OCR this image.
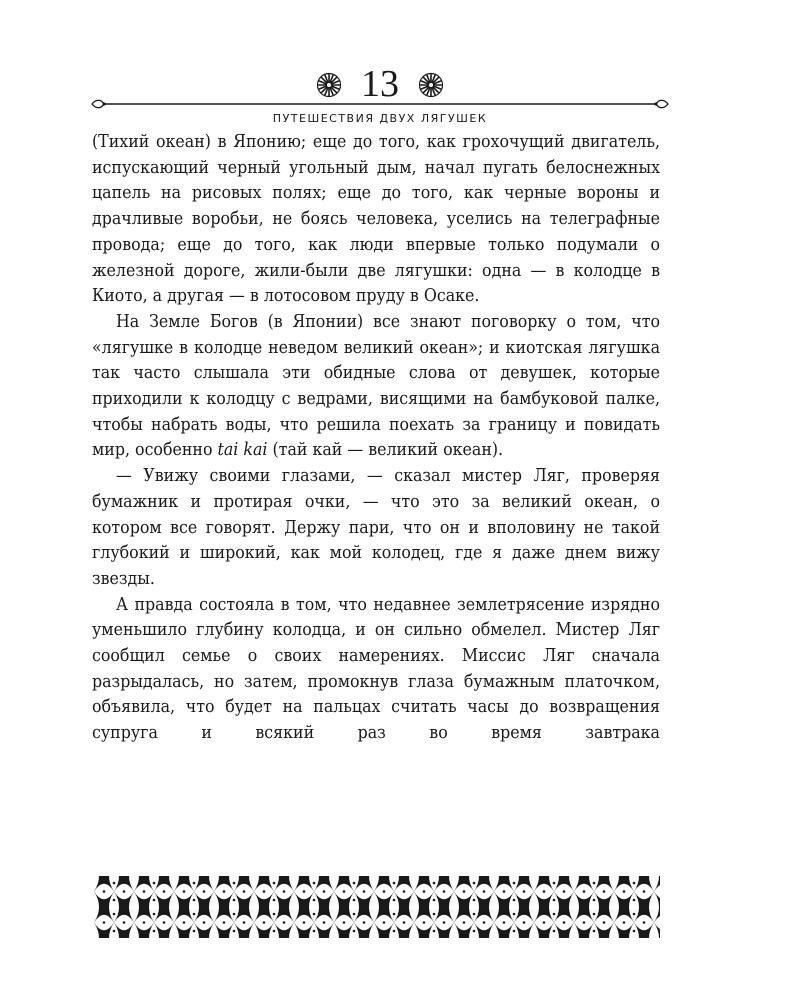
13
ПУТЕШЕСТВИЯ ДВУХ ЛЯГУШЕК

(Тихий океан) в Японию; еще до того, как грохочущий двигатель, испускающий черный угольный дым, начал пугать белоснежных цапель на рисовых полях; еще до того, как черные вороны и драчливые воробьи, не боясь человека, уселись на телеграфные провода; еще до того, как люди впервые только подумали о железной дороге, жили-были две лягушки: одна — в колодце в Киото, а другая — в лотосовом пруду в Осаке.

На Земле Богов (в Японии) все знают поговорку о том, что «лягушке в колодце неведом великий океан»; и киотская лягушка так часто слышала эти обидные слова от девушек, которые приходили к колодцу с ведрами, висящими на бамбуковой палке, чтобы набрать воды, что решила поехать за границу и повидать мир, особенно tai kai (тай кай — великий океан).

— Увижу своими глазами, — сказал мистер Ляг, проверяя бумажник и протирая очки, — что это за великий океан, о котором все говорят. Держу пари, что он и вполовину не такой глубокий и широкий, как мой колодец, где я даже днем вижу звезды.

А правда состояла в том, что недавнее землетрясение изрядно уменьшило глубину колодца, и он сильно обмелел. Мистер Ляг сообщил семье о своих намерениях. Миссис Ляг сначала разрыдалась, но затем, промокнув глаза бумажным платочком, объявила, что будет на пальцах считать часы до возвращения супруга и всякий раз во время завтрака
